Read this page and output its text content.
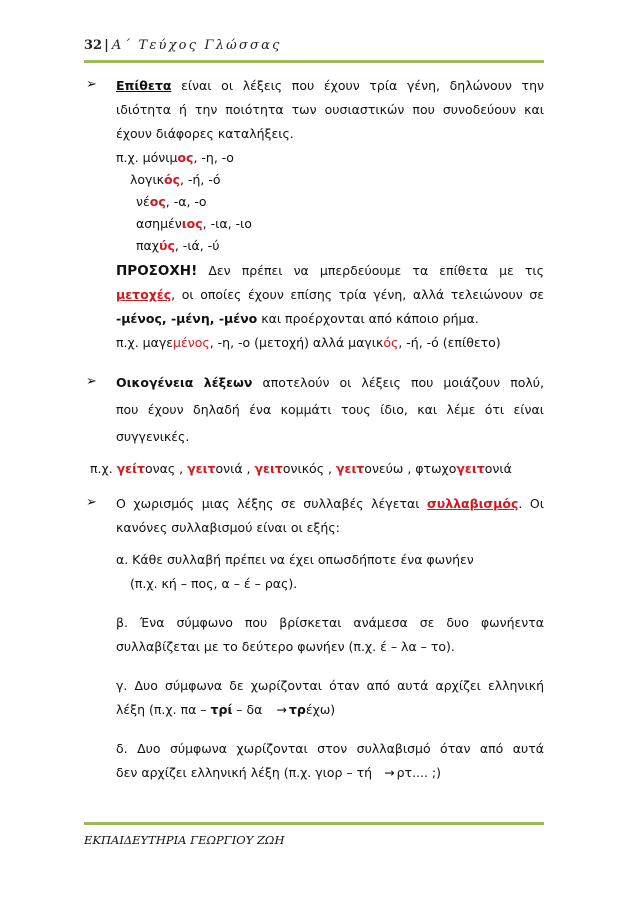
32 | Α΄ Τεύχος Γλώσσας
➢ Επίθετα είναι οι λέξεις που έχουν τρία γένη, δηλώνουν την
ιδιότητα ή την ποιότητα των ουσιαστικών που συνοδεύουν και
έχουν διάφορες καταλήξεις.
π.χ. μόνιμος, -η, -ο
λογικός, -ή, -ό
νέος, -α, -ο
ασημένιος, -ια, -ιο
παχύς, -ιά, -ύ
ΠΡΟΣΟΧΗ! Δεν πρέπει να μπερδεύουμε τα επίθετα με τις
μετοχές, οι οποίες έχουν επίσης τρία γένη, αλλά τελειώνουν σε
-μένος, -μένη, -μένο και προέρχονται από κάποιο ρήμα.
π.χ. μαγεμένος, -η, -ο (μετοχή) αλλά μαγικός, -ή, -ό (επίθετο)
➢ Οικογένεια λέξεων αποτελούν οι λέξεις που μοιάζουν πολύ,
που έχουν δηλαδή ένα κομμάτι τους ίδιο, και λέμε ότι είναι
συγγενικές.
π.χ. γείτονας , γειτονιά , γειτονικός , γειτονεύω , φτωχογειτονιά
➢ Ο χωρισμός μιας λέξης σε συλλαβές λέγεται συλλαβισμός. Οι
κανόνες συλλαβισμού είναι οι εξής:
α. Κάθε συλλαβή πρέπει να έχει οπωσδήποτε ένα φωνήεν
(π.χ. κή – πος, α – έ – ρας).
β. Ένα σύμφωνο που βρίσκεται ανάμεσα σε δυο φωνήεντα
συλλαβίζεται με το δεύτερο φωνήεν (π.χ. έ – λα – το).
γ. Δυο σύμφωνα δε χωρίζονται όταν από αυτά αρχίζει ελληνική
λέξη (π.χ. πα – τρί – δα → τρέχω)
δ. Δυο σύμφωνα χωρίζονται στον συλλαβισμό όταν από αυτά
δεν αρχίζει ελληνική λέξη (π.χ. γιορ – τή → ρτ.... ;)
ΕΚΠΑΙΔΕΥΤΗΡΙΑ ΓΕΩΡΓΙΟΥ ΖΩΗ
